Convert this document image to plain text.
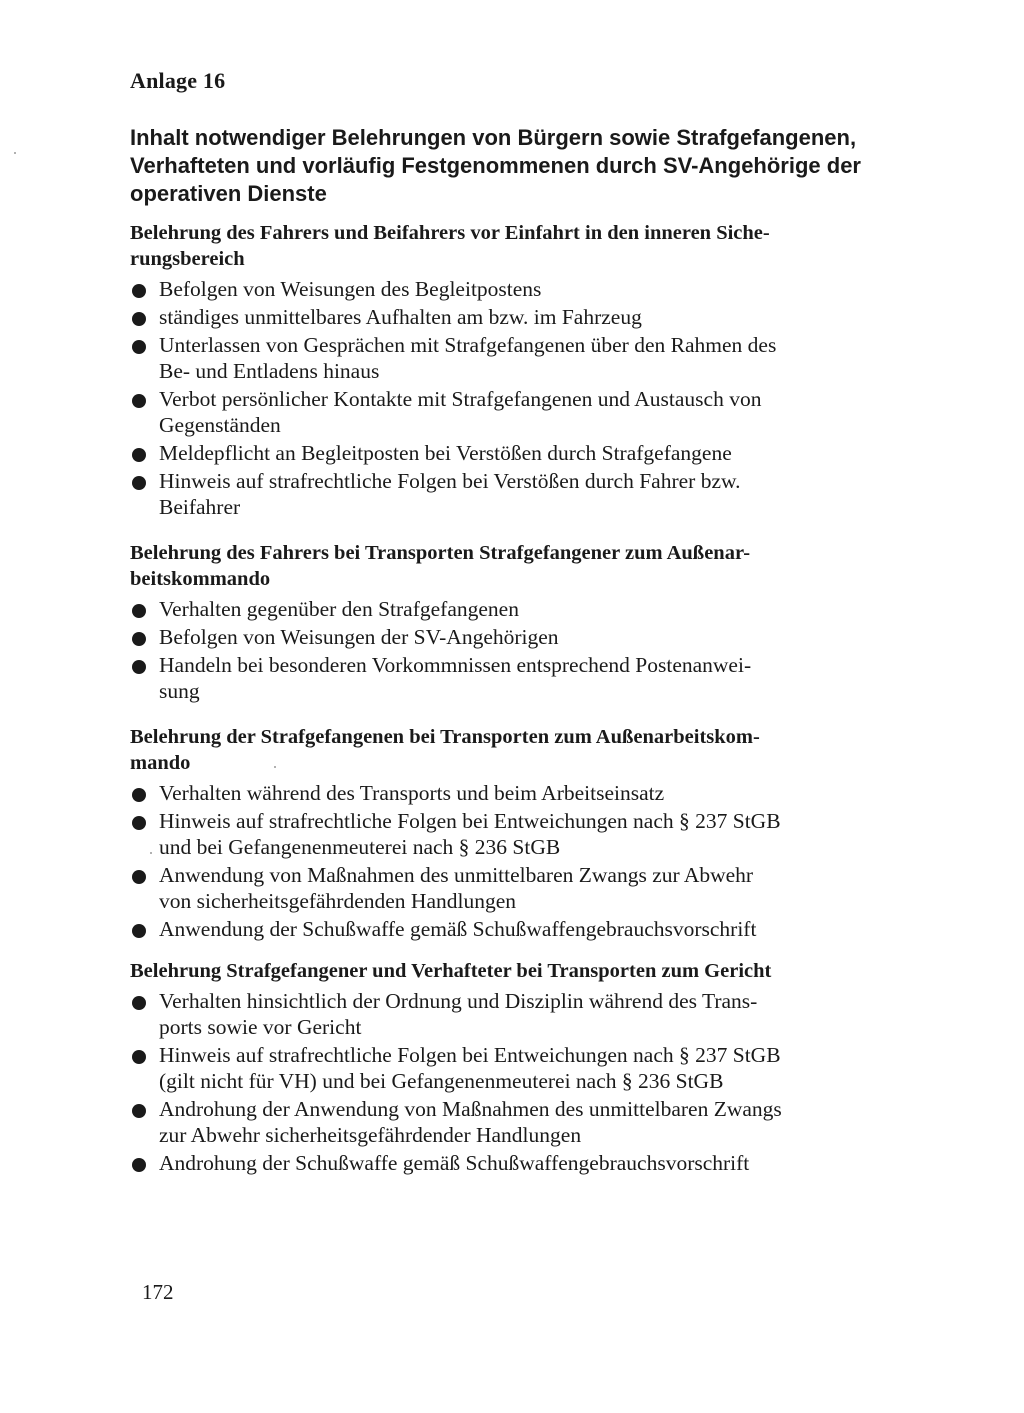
Anlage 16
Inhalt notwendiger Belehrungen von Bürgern sowie Strafgefangenen,
Verhafteten und vorläufig Festgenommenen durch SV-Angehörige der
operativen Dienste
Belehrung des Fahrers und Beifahrers vor Einfahrt in den inneren Siche-
rungsbereich
Befolgen von Weisungen des Begleitpostens
ständiges unmittelbares Aufhalten am bzw. im Fahrzeug
Unterlassen von Gesprächen mit Strafgefangenen über den Rahmen des
Be- und Entladens hinaus
Verbot persönlicher Kontakte mit Strafgefangenen und Austausch von
Gegenständen
Meldepflicht an Begleitposten bei Verstößen durch Strafgefangene
Hinweis auf strafrechtliche Folgen bei Verstößen durch Fahrer bzw.
Beifahrer
Belehrung des Fahrers bei Transporten Strafgefangener zum Außenar-
beitskommando
Verhalten gegenüber den Strafgefangenen
Befolgen von Weisungen der SV-Angehörigen
Handeln bei besonderen Vorkommnissen entsprechend Postenanwei-
sung
Belehrung der Strafgefangenen bei Transporten zum Außenarbeitskom-
mando
Verhalten während des Transports und beim Arbeitseinsatz
Hinweis auf strafrechtliche Folgen bei Entweichungen nach § 237 StGB
und bei Gefangenenmeuterei nach § 236 StGB
Anwendung von Maßnahmen des unmittelbaren Zwangs zur Abwehr
von sicherheitsgefährdenden Handlungen
Anwendung der Schußwaffe gemäß Schußwaffengebrauchsvorschrift
Belehrung Strafgefangener und Verhafteter bei Transporten zum Gericht
Verhalten hinsichtlich der Ordnung und Disziplin während des Trans-
ports sowie vor Gericht
Hinweis auf strafrechtliche Folgen bei Entweichungen nach § 237 StGB
(gilt nicht für VH) und bei Gefangenenmeuterei nach § 236 StGB
Androhung der Anwendung von Maßnahmen des unmittelbaren Zwangs
zur Abwehr sicherheitsgefährdender Handlungen
Androhung der Schußwaffe gemäß Schußwaffengebrauchsvorschrift
172
